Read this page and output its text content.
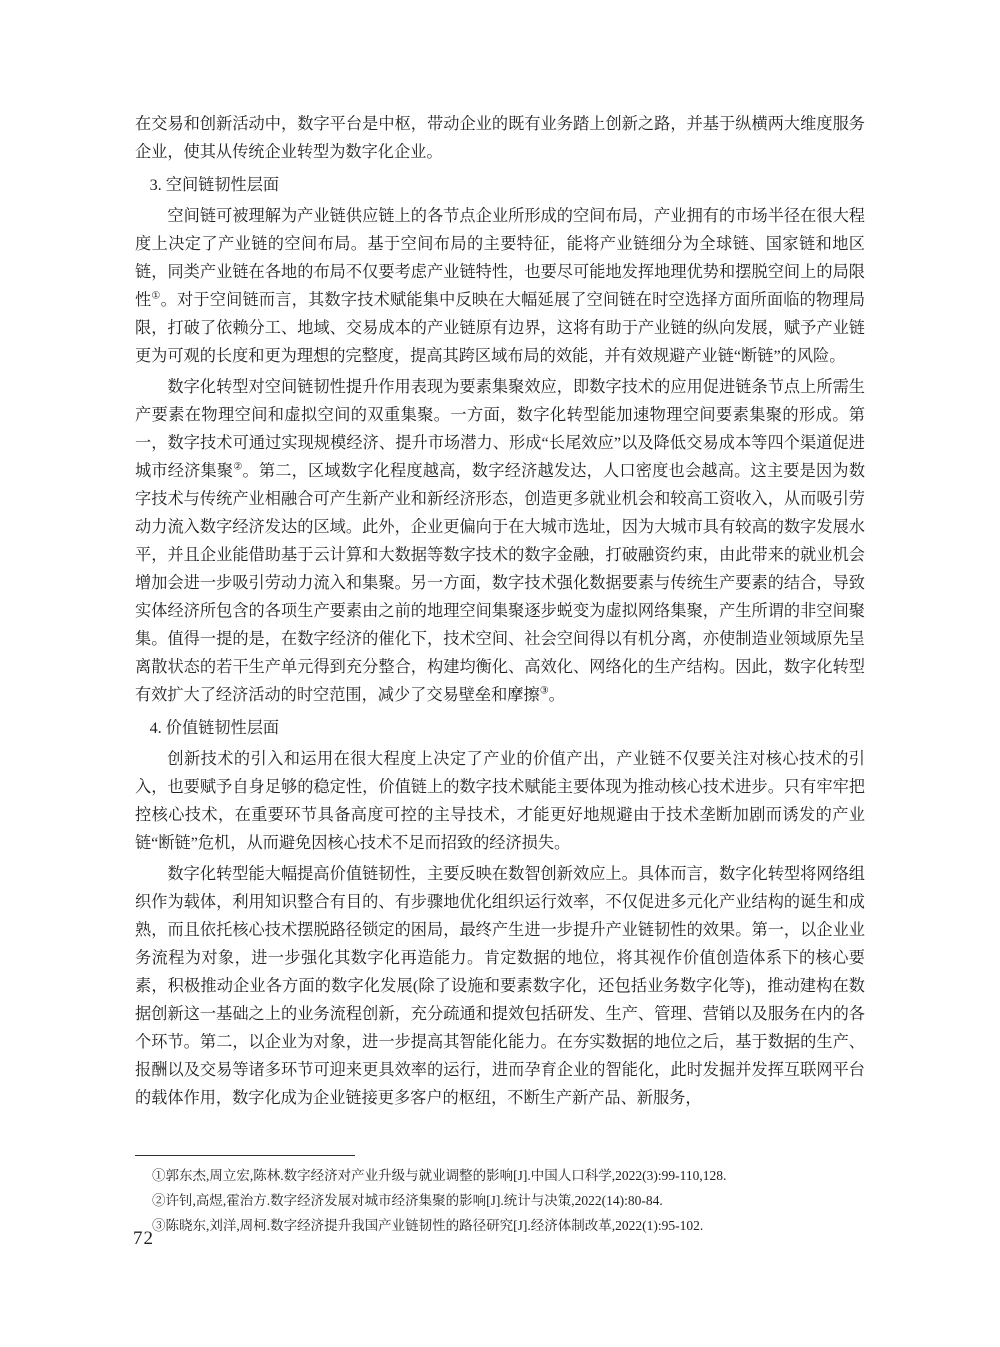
在交易和创新活动中，数字平台是中枢，带动企业的既有业务踏上创新之路，并基于纵横两大维度服务企业，使其从传统企业转型为数字化企业。

3. 空间链韧性层面

空间链可被理解为产业链供应链上的各节点企业所形成的空间布局，产业拥有的市场半径在很大程度上决定了产业链的空间布局。基于空间布局的主要特征，能将产业链细分为全球链、国家链和地区链，同类产业链在各地的布局不仅要考虑产业链特性，也要尽可能地发挥地理优势和摆脱空间上的局限性①。对于空间链而言，其数字技术赋能集中反映在大幅延展了空间链在时空选择方面所面临的物理局限，打破了依赖分工、地域、交易成本的产业链原有边界，这将有助于产业链的纵向发展，赋予产业链更为可观的长度和更为理想的完整度，提高其跨区域布局的效能，并有效规避产业链“断链”的风险。

数字化转型对空间链韧性提升作用表现为要素集聚效应，即数字技术的应用促进链条节点上所需生产要素在物理空间和虚拟空间的双重集聚。一方面，数字化转型能加速物理空间要素集聚的形成。第一，数字技术可通过实现规模经济、提升市场潜力、形成“长尾效应”以及降低交易成本等四个渠道促进城市经济集聚②。第二，区域数字化程度越高，数字经济越发达，人口密度也会越高。这主要是因为数字技术与传统产业相融合可产生新产业和新经济形态，创造更多就业机会和较高工资收入，从而吸引劳动力流入数字经济发达的区域。此外，企业更偏向于在大城市选址，因为大城市具有较高的数字发展水平，并且企业能借助基于云计算和大数据等数字技术的数字金融，打破融资约束，由此带来的就业机会增加会进一步吸引劳动力流入和集聚。另一方面，数字技术强化数据要素与传统生产要素的结合，导致实体经济所包含的各项生产要素由之前的地理空间集聚逐步蜕变为虚拟网络集聚，产生所谓的非空间聚集。值得一提的是，在数字经济的催化下，技术空间、社会空间得以有机分离，亦使制造业领域原先呈离散状态的若干生产单元得到充分整合，构建均衡化、高效化、网络化的生产结构。因此，数字化转型有效扩大了经济活动的时空范围，减少了交易壁垒和摩擦③。

4. 价值链韧性层面

创新技术的引入和运用在很大程度上决定了产业的价值产出，产业链不仅要关注对核心技术的引入，也要赋予自身足够的稳定性，价值链上的数字技术赋能主要体现为推动核心技术进步。只有牢牢把控核心技术，在重要环节具备高度可控的主导技术，才能更好地规避由于技术垄断加剧而诱发的产业链“断链”危机，从而避免因核心技术不足而招致的经济损失。

数字化转型能大幅提高价值链韧性，主要反映在数智创新效应上。具体而言，数字化转型将网络组织作为载体，利用知识整合有目的、有步骤地优化组织运行效率，不仅促进多元化产业结构的诞生和成熟，而且依托核心技术摆脱路径锁定的困局，最终产生进一步提升产业链韧性的效果。第一，以企业业务流程为对象，进一步强化其数字化再造能力。肯定数据的地位，将其视作价值创造体系下的核心要素，积极推动企业各方面的数字化发展(除了设施和要素数字化，还包括业务数字化等)，推动建构在数据创新这一基础之上的业务流程创新，充分疏通和提效包括研发、生产、管理、营销以及服务在内的各个环节。第二，以企业为对象，进一步提高其智能化能力。在夯实数据的地位之后，基于数据的生产、报酬以及交易等诸多环节可迎来更具效率的运行，进而孕育企业的智能化，此时发掘并发挥互联网平台的载体作用，数字化成为企业链接更多客户的枢纽，不断生产新产品、新服务，

①郭东杰,周立宏,陈林.数字经济对产业升级与就业调整的影响[J].中国人口科学,2022(3):99-110,128.

②许钊,高煜,霍治方.数字经济发展对城市经济集聚的影响[J].统计与决策,2022(14):80-84.

③陈晓东,刘洋,周柯.数字经济提升我国产业链韧性的路径研究[J].经济体制改革,2022(1):95-102.

72
